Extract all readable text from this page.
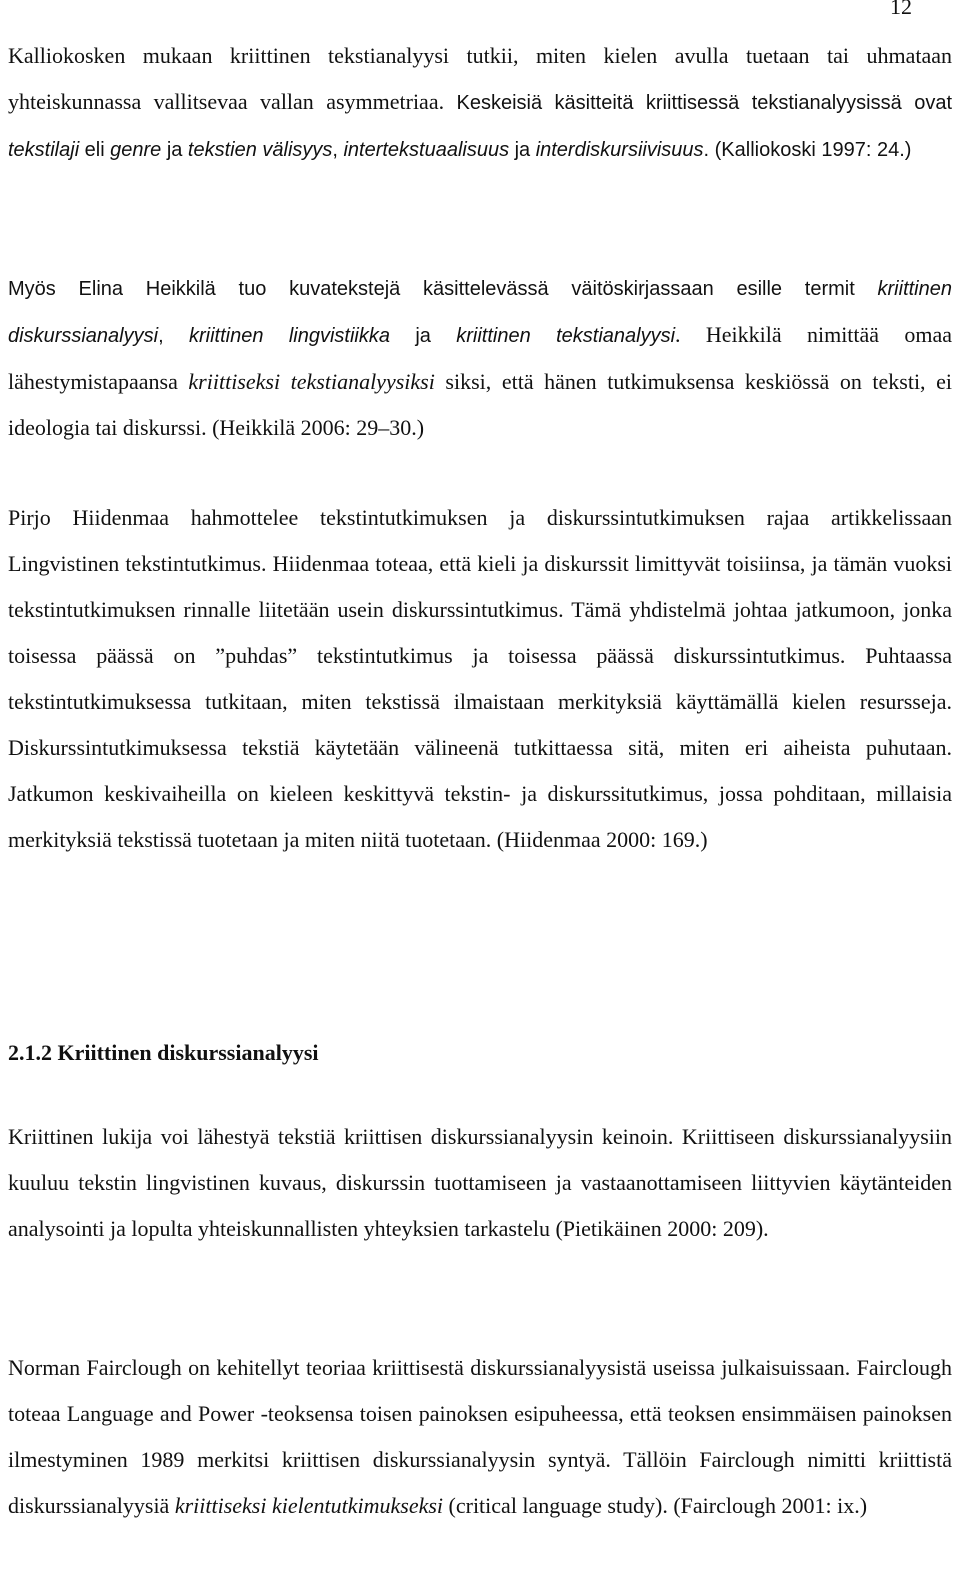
12

Kalliokosken mukaan kriittinen tekstianalyysi tutkii, miten kielen avulla tuetaan tai uhmataan yhteiskunnassa vallitsevaa vallan asymmetriaa. Keskeisiä käsitteitä kriittisessä tekstianalyysissä ovat tekstilaji eli genre ja tekstien välisyys, intertekstuaalisuus ja interdiskursiivisuus. (Kalliokoski 1997: 24.)

Myös Elina Heikkilä tuo kuvatekstejä käsittelevässä väitöskirjassaan esille termit kriittinen diskurssianalyysi, kriittinen lingvistiikka ja kriittinen tekstianalyysi. Heikkilä nimittää omaa lähestymistapaansa kriittiseksi tekstianalyysiksi siksi, että hänen tutkimuksensa keskiössä on teksti, ei ideologia tai diskurssi. (Heikkilä 2006: 29–30.)

Pirjo Hiidenmaa hahmottelee tekstintutkimuksen ja diskurssintutkimuksen rajaa artikkelissaan Lingvistinen tekstintutkimus. Hiidenmaa toteaa, että kieli ja diskurssit limittyvät toisiinsa, ja tämän vuoksi tekstintutkimuksen rinnalle liitetään usein diskurssintutkimus. Tämä yhdistelmä johtaa jatkumoon, jonka toisessa päässä on ”puhdas” tekstintutkimus ja toisessa päässä diskurssintutkimus. Puhtaassa tekstintutkimuksessa tutkitaan, miten tekstissä ilmaistaan merkityksiä käyttämällä kielen resursseja. Diskurssintutkimuksessa tekstiä käytetään välineenä tutkittaessa sitä, miten eri aiheista puhutaan. Jatkumon keskivaiheilla on kieleen keskittyvä tekstin- ja diskurssitutkimus, jossa pohditaan, millaisia merkityksiä tekstissä tuotetaan ja miten niitä tuotetaan. (Hiidenmaa 2000: 169.)

2.1.2 Kriittinen diskurssianalyysi

Kriittinen lukija voi lähestyä tekstiä kriittisen diskurssianalyysin keinoin. Kriittiseen diskurssianalyysiin kuuluu tekstin lingvistinen kuvaus, diskurssin tuottamiseen ja vastaanottamiseen liittyvien käytänteiden analysointi ja lopulta yhteiskunnallisten yhteyksien tarkastelu (Pietikäinen 2000: 209).

Norman Fairclough on kehitellyt teoriaa kriittisestä diskurssianalyysistä useissa julkaisuissaan. Fairclough toteaa Language and Power -teoksensa toisen painoksen esipuheessa, että teoksen ensimmäisen painoksen ilmestyminen 1989 merkitsi kriittisen diskurssianalyysin syntyä. Tällöin Fairclough nimitti kriittistä diskurssianalyysiä kriittiseksi kielentutkimukseksi (critical language study). (Fairclough 2001: ix.)
